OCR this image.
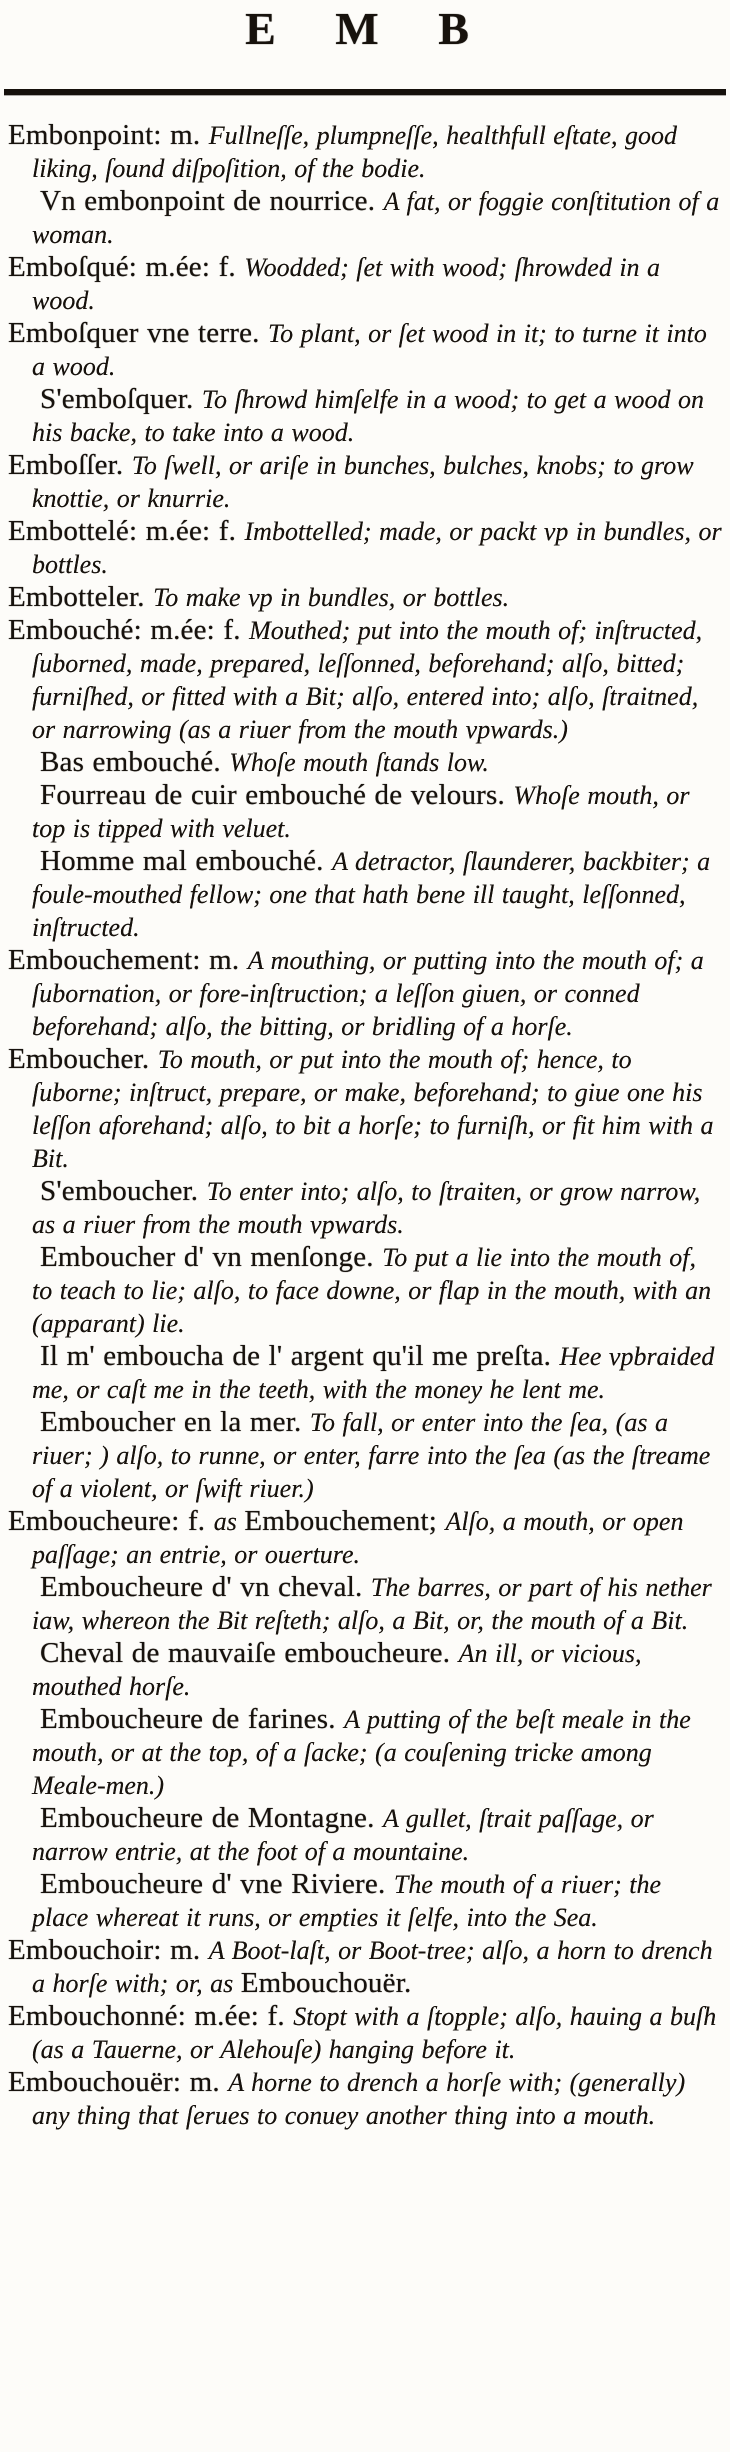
E M B

Embonpoint: m. Fullneſſe, plumpneſſe, healthfull eſtate, good liking, ſound diſpoſition, of the bodie.

Vn embonpoint de nourrice. A fat, or foggie conſtitution of a woman.

Emboſqué: m.ée: f. Woodded; ſet with wood; ſhrowded in a wood.

Emboſquer vne terre. To plant, or ſet wood in it; to turne it into a wood.

S'emboſquer. To ſhrowd himſelfe in a wood; to get a wood on his backe, to take into a wood.

Emboſſer. To ſwell, or ariſe in bunches, bulches, knobs; to grow knottie, or knurrie.

Embottelé: m.ée: f. Imbottelled; made, or packt vp in bundles, or bottles.

Embotteler. To make vp in bundles, or bottles.

Embouché: m.ée: f. Mouthed; put into the mouth of; inſtructed, ſuborned, made, prepared, leſſonned, beforehand; alſo, bitted; furniſhed, or fitted with a Bit; alſo, entered into; alſo, ſtraitned, or narrowing (as a riuer from the mouth vpwards.)

Bas embouché. Whoſe mouth ſtands low.

Fourreau de cuir embouché de velours. Whoſe mouth, or top is tipped with veluet.

Homme mal embouché. A detractor, ſlaunderer, backbiter; a foule-mouthed fellow; one that hath bene ill taught, leſſonned, inſtructed.

Embouchement: m. A mouthing, or putting into the mouth of; a ſubornation, or fore-inſtruction; a leſſon giuen, or conned beforehand; alſo, the bitting, or bridling of a horſe.

Emboucher. To mouth, or put into the mouth of; hence, to ſuborne; inſtruct, prepare, or make, beforehand; to giue one his leſſon aforehand; alſo, to bit a horſe; to furniſh, or fit him with a Bit.

S'emboucher. To enter into; alſo, to ſtraiten, or grow narrow, as a riuer from the mouth vpwards.

Emboucher d' vn menſonge. To put a lie into the mouth of, to teach to lie; alſo, to face downe, or flap in the mouth, with an (apparant) lie.

Il m' emboucha de l' argent qu'il me preſta. Hee vpbraided me, or caſt me in the teeth, with the money he lent me.

Emboucher en la mer. To fall, or enter into the ſea, (as a riuer; ) alſo, to runne, or enter, farre into the ſea (as the ſtreame of a violent, or ſwift riuer.)

Emboucheure: f. as Embouchement; Alſo, a mouth, or open paſſage; an entrie, or ouerture.

Emboucheure d' vn cheval. The barres, or part of his nether iaw, whereon the Bit reſteth; alſo, a Bit, or, the mouth of a Bit.

Cheval de mauvaiſe emboucheure. An ill, or vicious, mouthed horſe.

Emboucheure de farines. A putting of the beſt meale in the mouth, or at the top, of a ſacke; (a couſening tricke among Meale-men.)

Emboucheure de Montagne. A gullet, ſtrait paſſage, or narrow entrie, at the foot of a mountaine.

Emboucheure d' vne Riviere. The mouth of a riuer; the place whereat it runs, or empties it ſelfe, into the Sea.

Embouchoir: m. A Boot-laſt, or Boot-tree; alſo, a horn to drench a horſe with; or, as Embouchouër.

Embouchonné: m.ée: f. Stopt with a ſtopple; alſo, hauing a buſh (as a Tauerne, or Alehouſe) hanging before it.

Embouchouër: m. A horne to drench a horſe with; (generally) any thing that ſerues to conuey another thing into a mouth.
